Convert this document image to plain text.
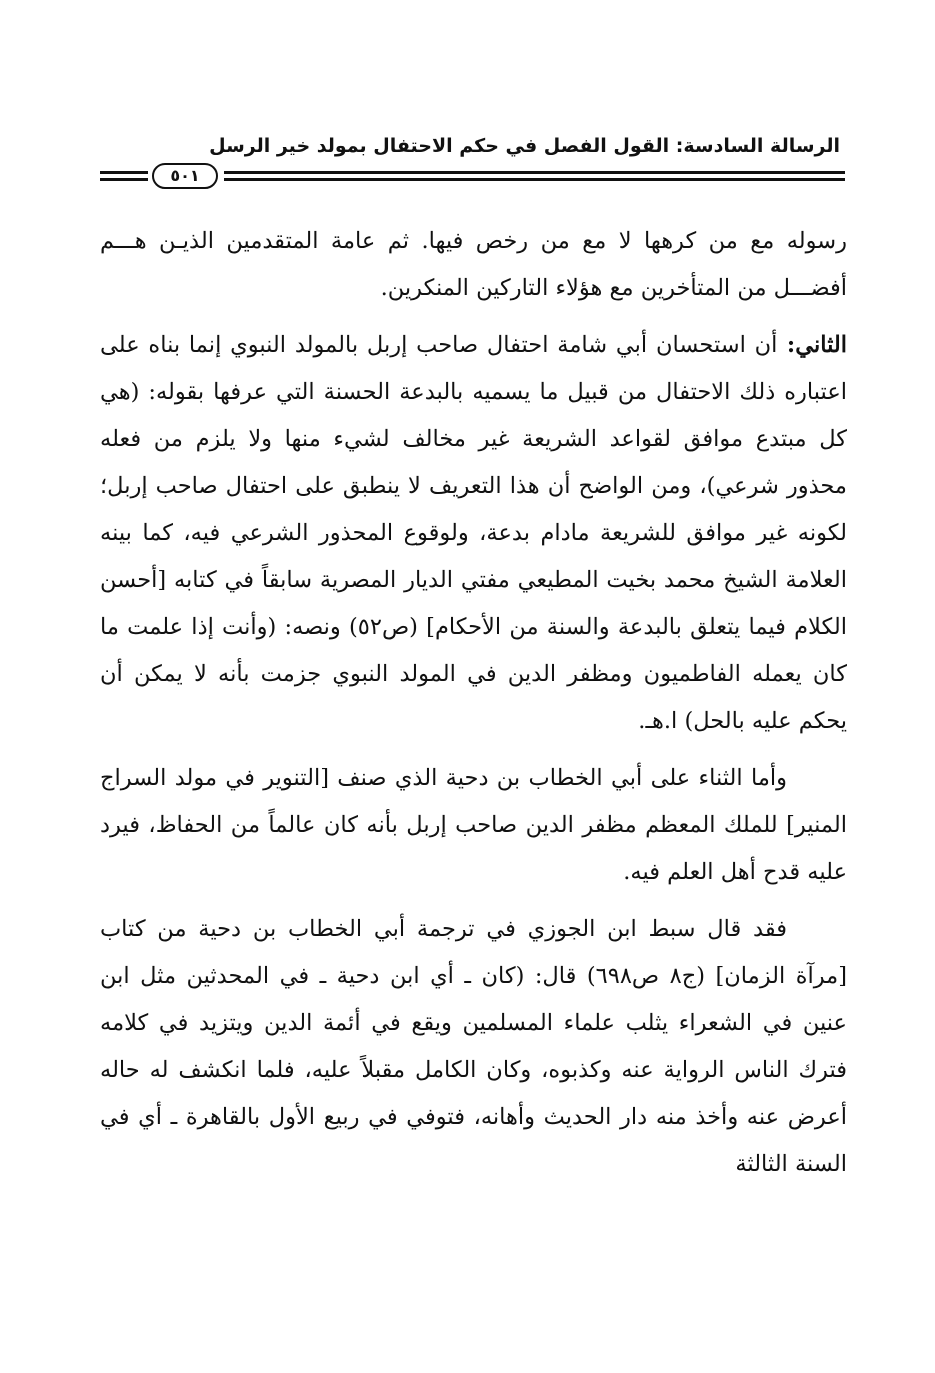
الرسالة السادسة: القول الفصل في حكم الاحتفال بمولد خير الرسل
٥٠١

رسوله مع من كرهها لا مع من رخص فيها. ثم عامة المتقدمين الذيـن هـــم أفضـــل من المتأخرين مع هؤلاء التاركين المنكرين.

الثاني: أن استحسان أبي شامة احتفال صاحب إربل بالمولد النبوي إنما بناه على اعتباره ذلك الاحتفال من قبيل ما يسميه بالبدعة الحسنة التي عرفها بقوله: (هي كل مبتدع موافق لقواعد الشريعة غير مخالف لشيء منها ولا يلزم من فعله محذور شرعي)، ومن الواضح أن هذا التعريف لا ينطبق على احتفال صاحب إربل؛ لكونه غير موافق للشريعة مادام بدعة، ولوقوع المحذور الشرعي فيه، كما بينه العلامة الشيخ محمد بخيت المطيعي مفتي الديار المصرية سابقاً في كتابه [أحسن الكلام فيما يتعلق بالبدعة والسنة من الأحكام] (ص٥٢) ونصه: (وأنت إذا علمت ما كان يعمله الفاطميون ومظفر الدين في المولد النبوي جزمت بأنه لا يمكن أن يحكم عليه بالحل) ا.هـ.

وأما الثناء على أبي الخطاب بن دحية الذي صنف [التنوير في مولد السراج المنير] للملك المعظم مظفر الدين صاحب إربل بأنه كان عالماً من الحفاظ، فيرد عليه قدح أهل العلم فيه.

فقد قال سبط ابن الجوزي في ترجمة أبي الخطاب بن دحية من كتاب [مرآة الزمان] (ج٨ ص٦٩٨) قال: (كان ـ أي ابن دحية ـ في المحدثين مثل ابن عنين في الشعراء يثلب علماء المسلمين ويقع في أئمة الدين ويتزيد في كلامه فترك الناس الرواية عنه وكذبوه، وكان الكامل مقبلاً عليه، فلما انكشف له حاله أعرض عنه وأخذ منه دار الحديث وأهانه، فتوفي في ربيع الأول بالقاهرة ـ أي في السنة الثالثة
